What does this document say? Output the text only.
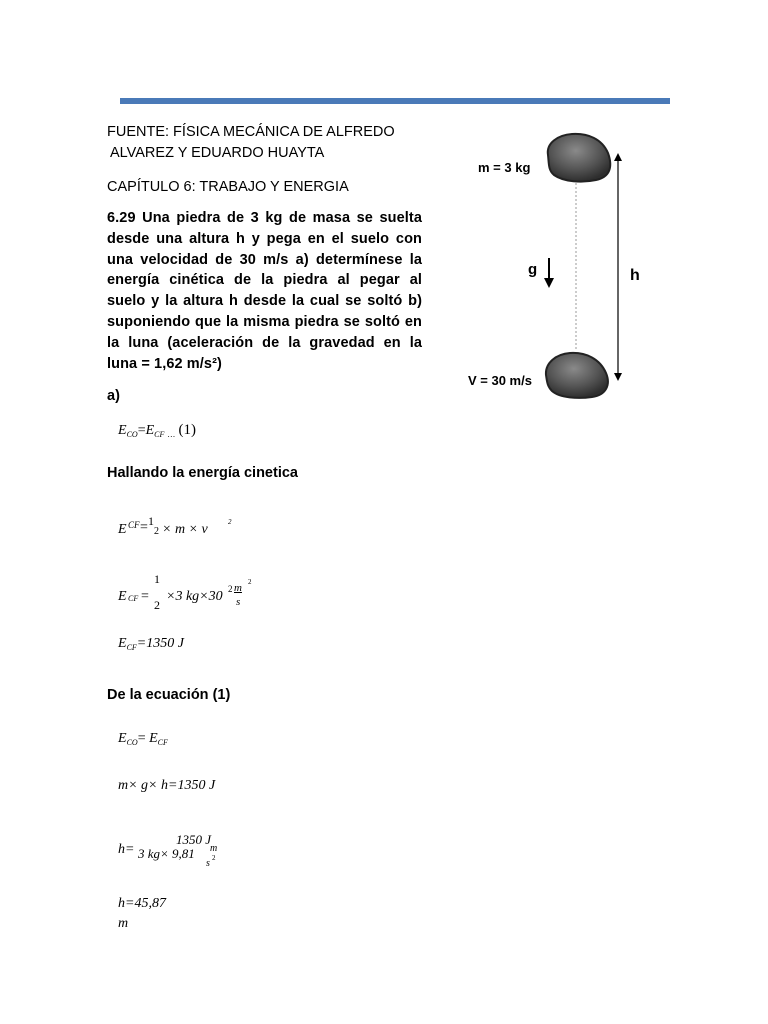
FUENTE: FÍSICA MECÁNICA DE ALFREDO
ALVAREZ Y EDUARDO HUAYTA
CAPÍTULO 6: TRABAJO Y ENERGIA
6.29 Una piedra de 3 kg de masa se suelta desde una altura h y pega en el suelo con una velocidad de 30 m/s a) determínese la energía cinética de la piedra al pegar al suelo y la altura h desde la cual se soltó b) suponiendo que la misma piedra se soltó en la luna (aceleración de la gravedad en la luna = 1,62 m/s²)
m = 3 kg
g	h
V = 30 m/s
a)
$E_{CO}=E_{CF}$ $_\dots$ (1)
Hallando la energía cinetica
E CF = 1
2 × m × v	2
E CF =
1
2
×3 kg×30 2 m
s
2
$E_{CF}=1350$ J
De la ecuación (1)
$E_{CO}= E_{CF}$
m× g× h=1350 J
h=
1350 J
3 kg× 9,81 m
s 2
h=45,87
m
